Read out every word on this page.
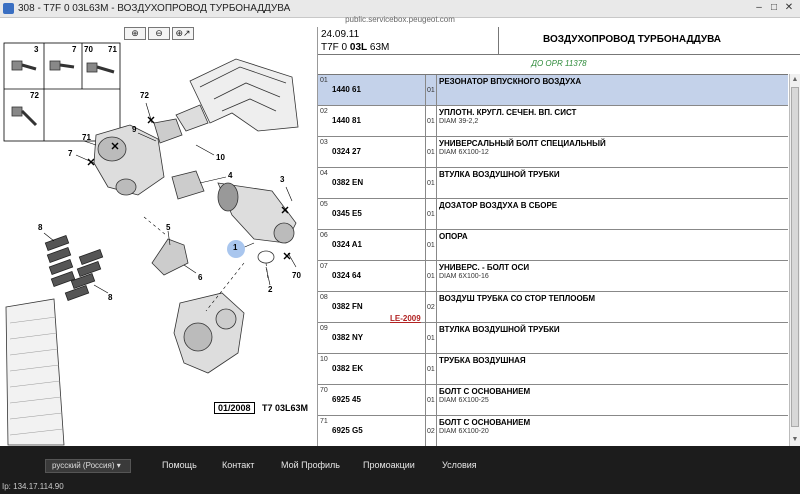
308 - T7F 0 03L63M - ВОЗДУХОПРОВОД ТУРБОНАДДУВА
public.servicebox.peugeot.com
– □ ✕
⊕	⊖	⊕↗
3	7 70 71
72	72
9
71
7	10
4	3
5
8
1
70
6
2
8
01/2008	T7 03L63M
24.09.11
T7F 0 03L 63M
ВОЗДУХОПРОВОД ТУРБОНАДДУВА
ДО OPR 11378
01
1440 61	01
РЕЗОНАТОР ВПУСКНОГО ВОЗДУХА
02
1440 81	01
УПЛОТН. КРУГЛ. СЕЧЕН. ВП. СИСТ
DIAM 39-2,2
03
0324 27	01
УНИВЕРСАЛЬНЫЙ БОЛТ СПЕЦИАЛЬНЫЙ
DIAM 6X100-12
04
0382 EN	01
ВТУЛКА ВОЗДУШНОЙ ТРУБКИ
05
0345 E5	01
ДОЗАТОР ВОЗДУХА В СБОРЕ
06
0324 A1	01
ОПОРА
07
0324 64	01
УНИВЕРС. - БОЛТ ОСИ
DIAM 6X100-16
08
0382 FN	02
ВОЗДУШ ТРУБКА СО СТОР ТЕПЛООБМ
LE-2009
09
0382 NY	01
ВТУЛКА ВОЗДУШНОЙ ТРУБКИ
10
0382 EK	01
ТРУБКА ВОЗДУШНАЯ
70
6925 45	01
БОЛТ С ОСНОВАНИЕМ
DIAM 6X100-25
71
6925 G5	02
БОЛТ С ОСНОВАНИЕМ
DIAM 6X100-20
▲
▼
русский (Россия) ▾	Помощь	Контакт	Мой Профиль	Промоакции	Условия
Ip: 134.17.114.90
